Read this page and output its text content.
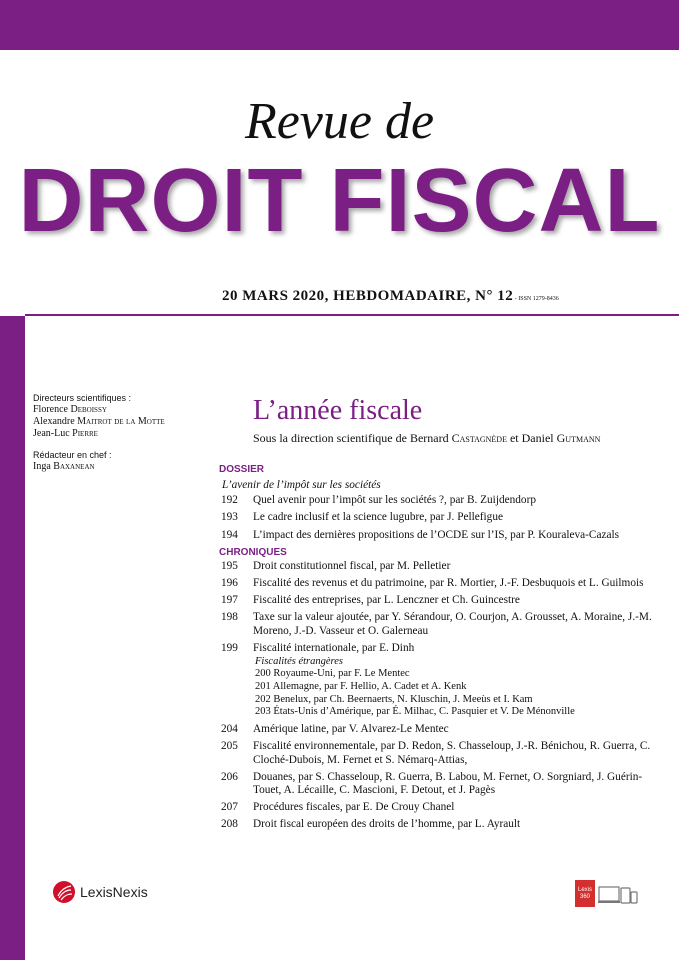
Revue de
DROIT FISCAL
20 MARS 2020, HEBDOMADAIRE, N° 12 - ISSN 1279-8436
Directeurs scientifiques :
Florence Deboissy
Alexandre Maitrot de la Motte
Jean-Luc Pierre
Rédacteur en chef :
Inga Baxanean
L’année fiscale
Sous la direction scientifique de Bernard Castagnède et Daniel Gutmann
DOSSIER
L’avenir de l’impôt sur les sociétés
192	Quel avenir pour l’impôt sur les sociétés ?, par B. Zuijdendorp
193	Le cadre inclusif et la science lugubre, par J. Pellefigue
194	L’impact des dernières propositions de l’OCDE sur l’IS, par P. Kouraleva-Cazals
CHRONIQUES
195	Droit constitutionnel fiscal, par M. Pelletier
196	Fiscalité des revenus et du patrimoine, par R. Mortier, J.-F. Desbuquois et L. Guilmois
197	Fiscalité des entreprises, par L. Lenczner et Ch. Guincestre
198	Taxe sur la valeur ajoutée, par Y. Sérandour, O. Courjon, A. Grousset, A. Moraine, J.-M. Moreno, J.-D. Vasseur et O. Galerneau
199	Fiscalité internationale, par E. Dinh
Fiscalités étrangères
200 Royaume-Uni, par F. Le Mentec
201 Allemagne, par F. Hellio, A. Cadet et A. Kenk
202 Benelux, par Ch. Beernaerts, N. Kluschin, J. Meeùs et I. Kam
203 États-Unis d’Amérique, par É. Milhac, C. Pasquier et V. De Ménonville
204	Amérique latine, par V. Alvarez-Le Mentec
205	Fiscalité environnementale, par D. Redon, S. Chasseloup, J.-R. Bénichou, R. Guerra, C. Cloché-Dubois, M. Fernet et S. Némarq-Attias,
206	Douanes, par S. Chasseloup, R. Guerra, B. Labou, M. Fernet, O. Sorgniard, J. Guérin-Touet, A. Lécaille, C. Mascioni, F. Detout, et J. Pagès
207	Procédures fiscales, par E. De Crouy Chanel
208	Droit fiscal européen des droits de l’homme, par L. Ayrault
LexisNexis	Lexis 360
